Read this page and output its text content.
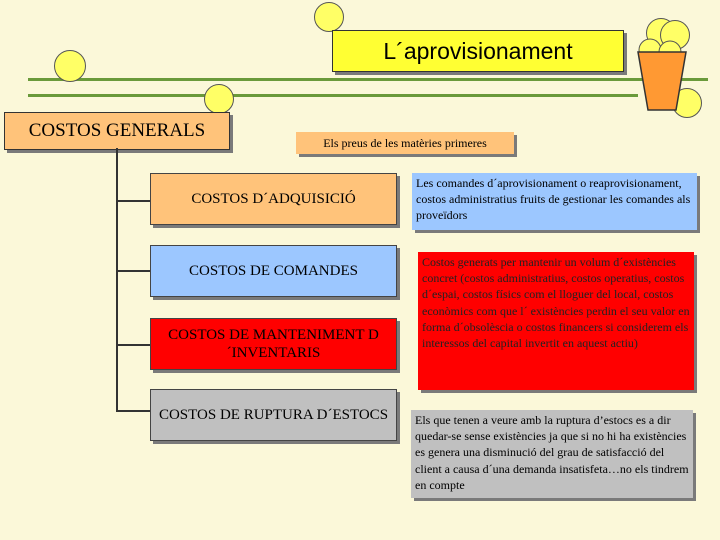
L´aprovisionament
COSTOS GENERALS
Els preus de les matèries primeres
COSTOS D´ADQUISICIÓ
COSTOS DE COMANDES
COSTOS DE MANTENIMENT D´INVENTARIS
COSTOS DE RUPTURA D´ESTOCS
Les comandes d´aprovisionament o reaprovisionament, costos administratius fruits de gestionar les comandes als proveïdors
Costos generats per mantenir un volum d´existències concret (costos administratius, costos operatius, costos d´espai, costos físics com el lloguer del local, costos econòmics com que l´ existències perdin el seu valor en forma d´obsolèscia o costos financers si considerem els interessos del capital invertit en aquest actiu)
Els que tenen a veure amb la ruptura d’estocs es a dir quedar-se sense existències ja que si no hi ha existències es genera una disminució del grau de satisfacció del client a causa d´una demanda insatisfeta…no els tindrem en compte
